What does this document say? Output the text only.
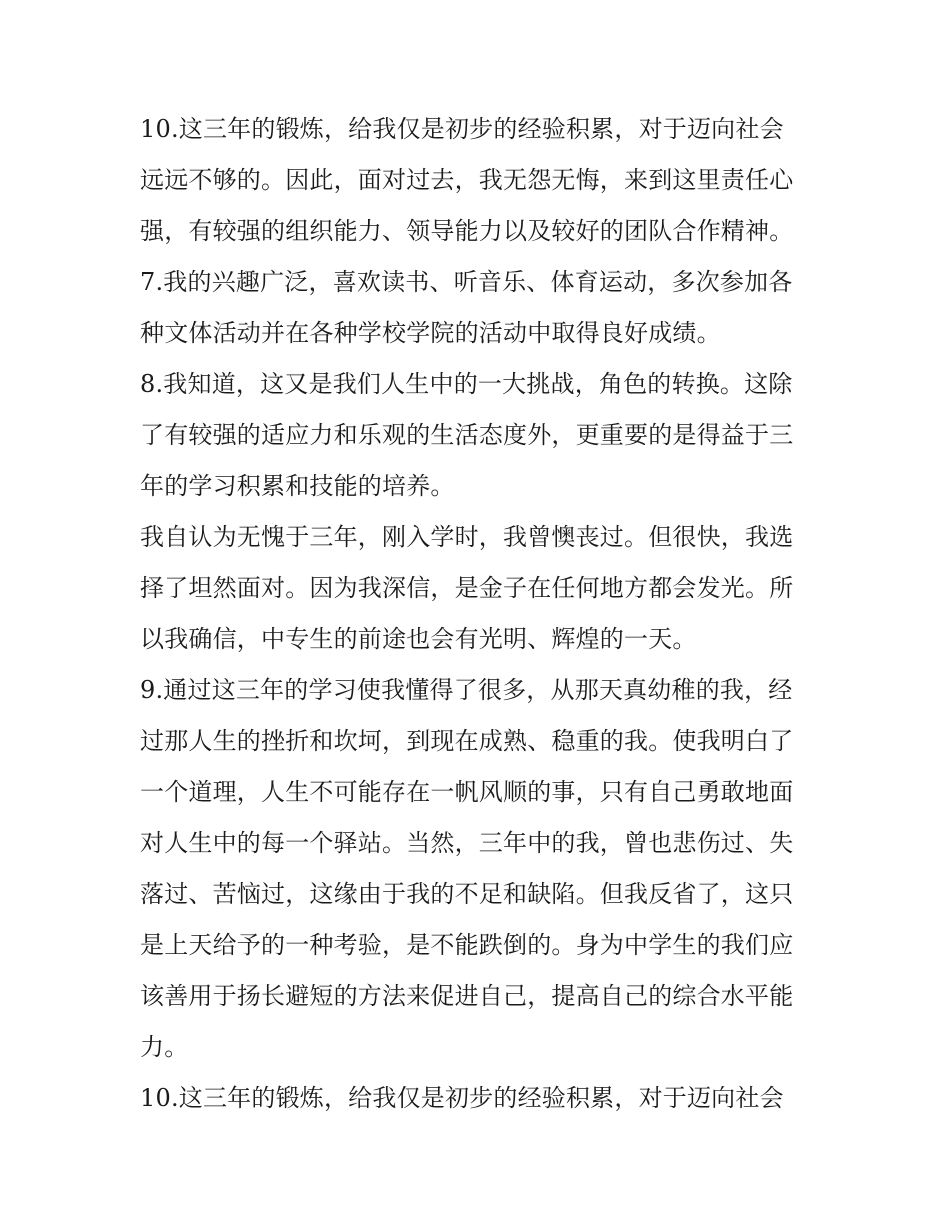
10.这三年的锻炼，给我仅是初步的经验积累，对于迈向社会
远远不够的。因此，面对过去，我无怨无悔，来到这里责任心
强，有较强的组织能力、领导能力以及较好的团队合作精神。
7.我的兴趣广泛，喜欢读书、听音乐、体育运动，多次参加各
种文体活动并在各种学校学院的活动中取得良好成绩。
8.我知道，这又是我们人生中的一大挑战，角色的转换。这除
了有较强的适应力和乐观的生活态度外，更重要的是得益于三
年的学习积累和技能的培养。
我自认为无愧于三年，刚入学时，我曾懊丧过。但很快，我选
择了坦然面对。因为我深信，是金子在任何地方都会发光。所
以我确信，中专生的前途也会有光明、辉煌的一天。
9.通过这三年的学习使我懂得了很多，从那天真幼稚的我，经
过那人生的挫折和坎坷，到现在成熟、稳重的我。使我明白了
一个道理，人生不可能存在一帆风顺的事，只有自己勇敢地面
对人生中的每一个驿站。当然，三年中的我，曾也悲伤过、失
落过、苦恼过，这缘由于我的不足和缺陷。但我反省了，这只
是上天给予的一种考验，是不能跌倒的。身为中学生的我们应
该善用于扬长避短的方法来促进自己，提高自己的综合水平能
力。
10.这三年的锻炼，给我仅是初步的经验积累，对于迈向社会
